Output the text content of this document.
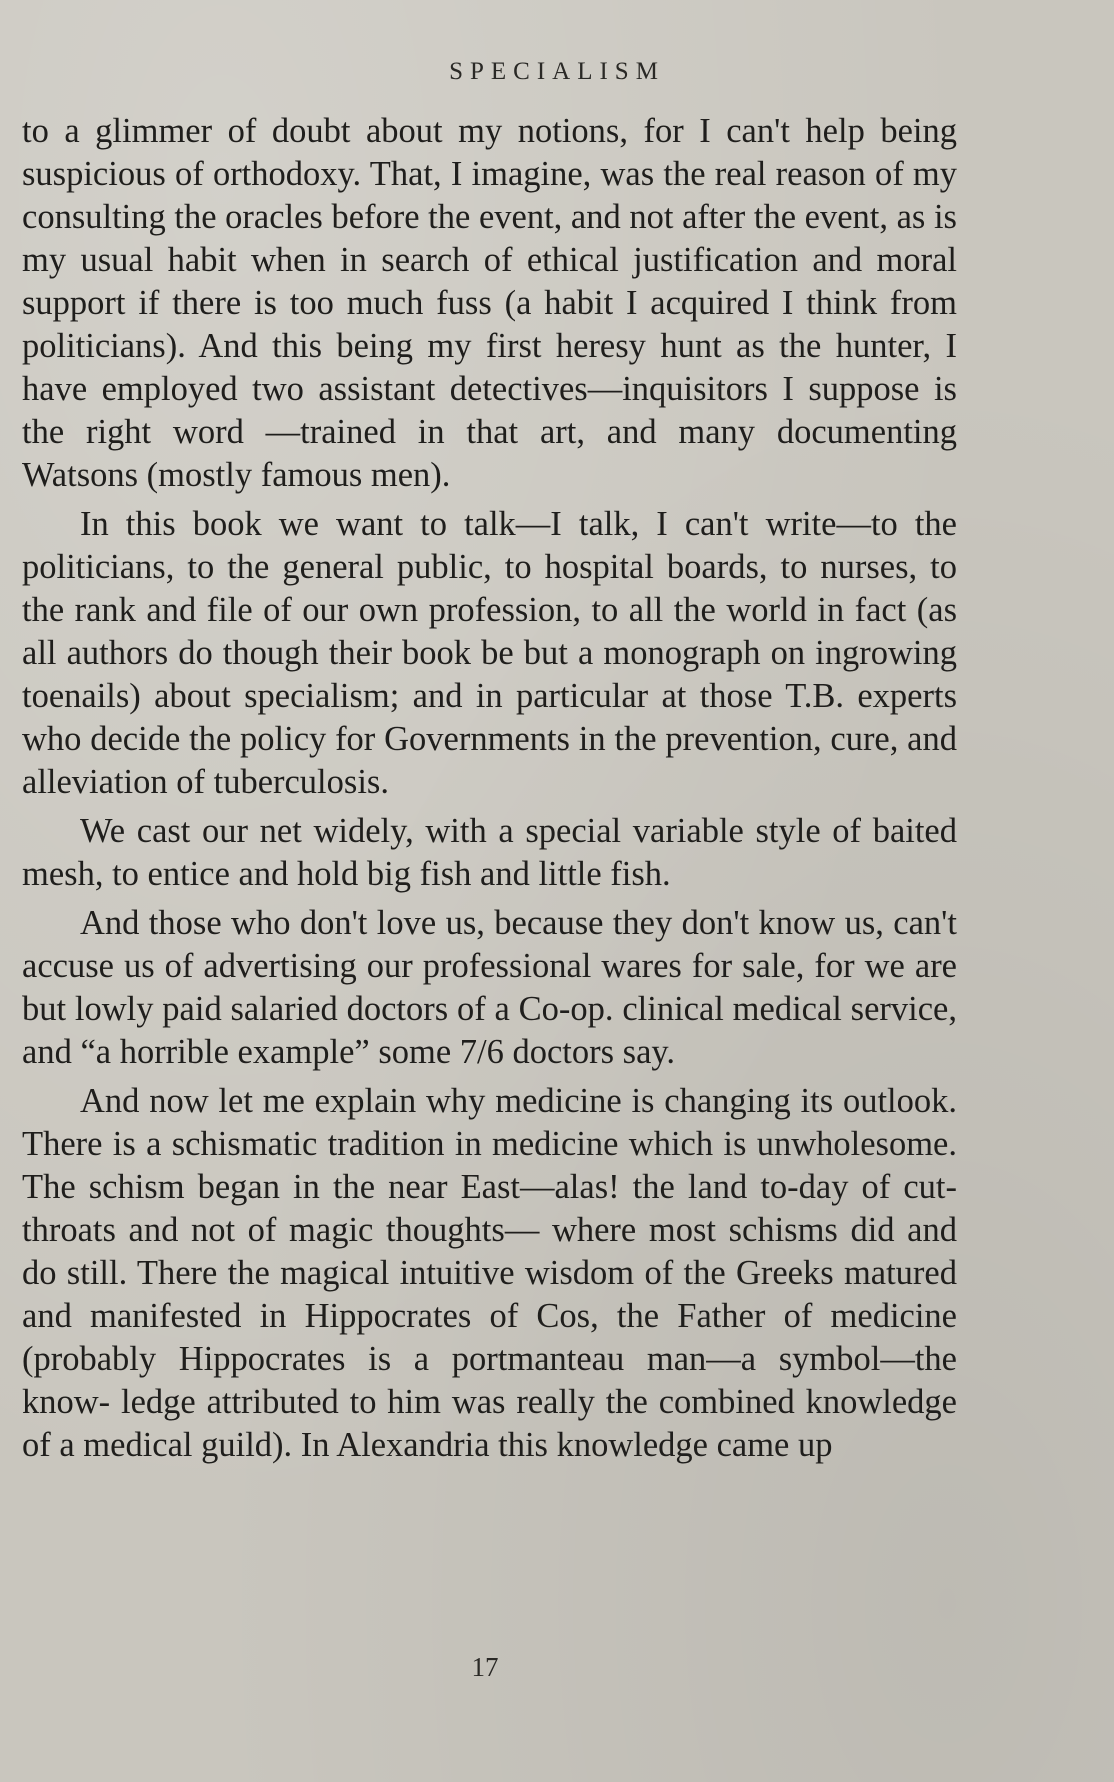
SPECIALISM

to a glimmer of doubt about my notions, for I can't help being suspicious of orthodoxy. That, I imagine, was the real reason of my consulting the oracles before the event, and not after the event, as is my usual habit when in search of ethical justification and moral support if there is too much fuss (a habit I acquired I think from politicians). And this being my first heresy hunt as the hunter, I have employed two assistant detectives—inquisitors I suppose is the right word —trained in that art, and many documenting Watsons (mostly famous men).

In this book we want to talk—I talk, I can't write—to the politicians, to the general public, to hospital boards, to nurses, to the rank and file of our own profession, to all the world in fact (as all authors do though their book be but a monograph on ingrowing toenails) about specialism; and in particular at those T.B. experts who decide the policy for Governments in the prevention, cure, and alleviation of tuberculosis.

We cast our net widely, with a special variable style of baited mesh, to entice and hold big fish and little fish.

And those who don't love us, because they don't know us, can't accuse us of advertising our professional wares for sale, for we are but lowly paid salaried doctors of a Co-op. clinical medical service, and “a horrible example” some 7/6 doctors say.

And now let me explain why medicine is changing its outlook. There is a schismatic tradition in medicine which is unwholesome. The schism began in the near East—alas! the land to-day of cut-throats and not of magic thoughts— where most schisms did and do still. There the magical intuitive wisdom of the Greeks matured and manifested in Hippocrates of Cos, the Father of medicine (probably Hippocrates is a portmanteau man—a symbol—the know- ledge attributed to him was really the combined knowledge of a medical guild). In Alexandria this knowledge came up

17
